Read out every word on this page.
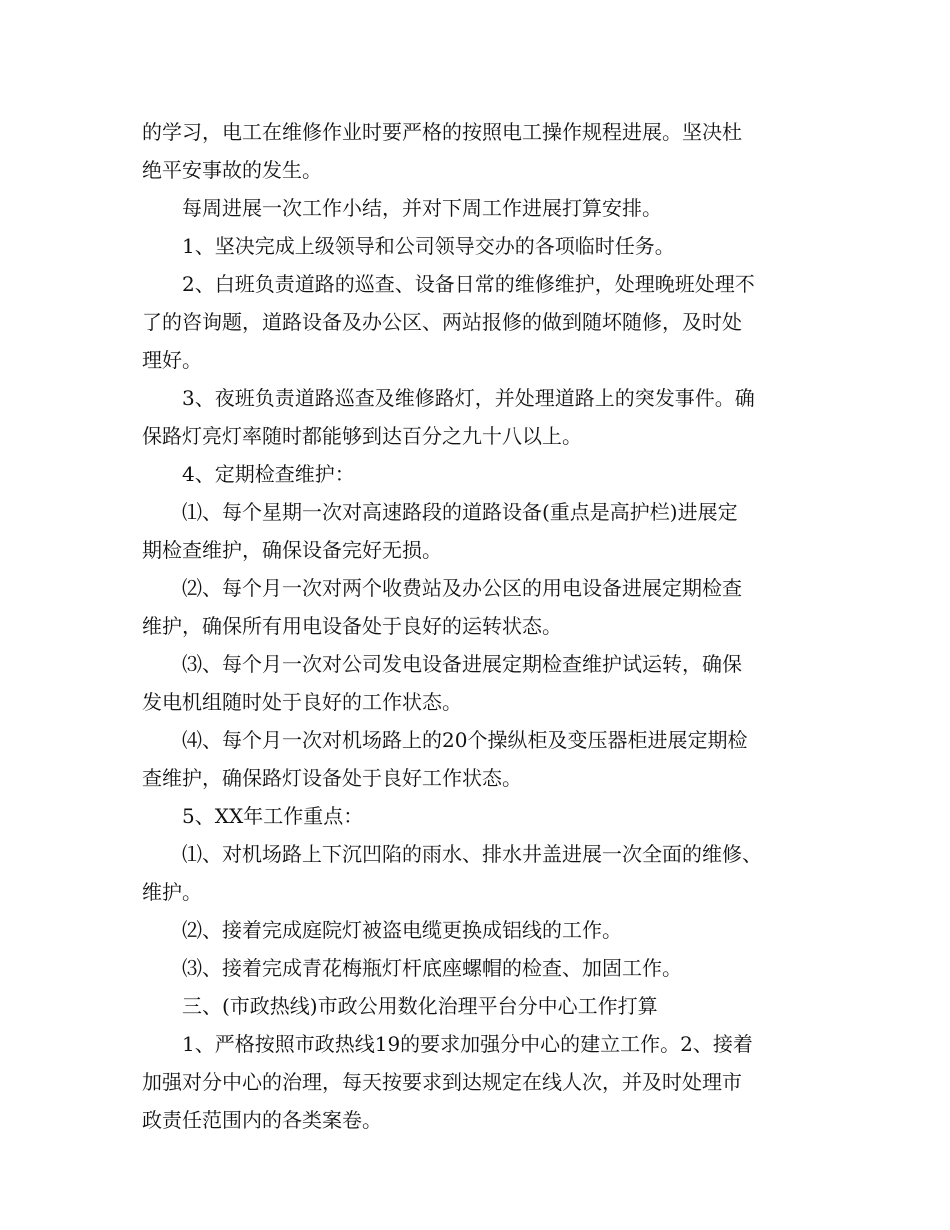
的学习，电工在维修作业时要严格的按照电工操作规程进展。坚决杜

绝平安事故的发生。

每周进展一次工作小结，并对下周工作进展打算安排。

1、坚决完成上级领导和公司领导交办的各项临时任务。

2、白班负责道路的巡查、设备日常的维修维护，处理晚班处理不

了的咨询题，道路设备及办公区、两站报修的做到随坏随修，及时处

理好。

3、夜班负责道路巡查及维修路灯，并处理道路上的突发事件。确

保路灯亮灯率随时都能够到达百分之九十八以上。

4、定期检查维护：

⑴、每个星期一次对高速路段的道路设备(重点是高护栏)进展定

期检查维护，确保设备完好无损。

⑵、每个月一次对两个收费站及办公区的用电设备进展定期检查

维护，确保所有用电设备处于良好的运转状态。

⑶、每个月一次对公司发电设备进展定期检查维护试运转，确保

发电机组随时处于良好的工作状态。

⑷、每个月一次对机场路上的20个操纵柜及变压器柜进展定期检

查维护，确保路灯设备处于良好工作状态。

5、XX年工作重点：

⑴、对机场路上下沉凹陷的雨水、排水井盖进展一次全面的维修、

维护。

⑵、接着完成庭院灯被盗电缆更换成铝线的工作。

⑶、接着完成青花梅瓶灯杆底座螺帽的检查、加固工作。

三、(市政热线)市政公用数化治理平台分中心工作打算

1、严格按照市政热线19的要求加强分中心的建立工作。2、接着

加强对分中心的治理，每天按要求到达规定在线人次，并及时处理市

政责任范围内的各类案卷。
